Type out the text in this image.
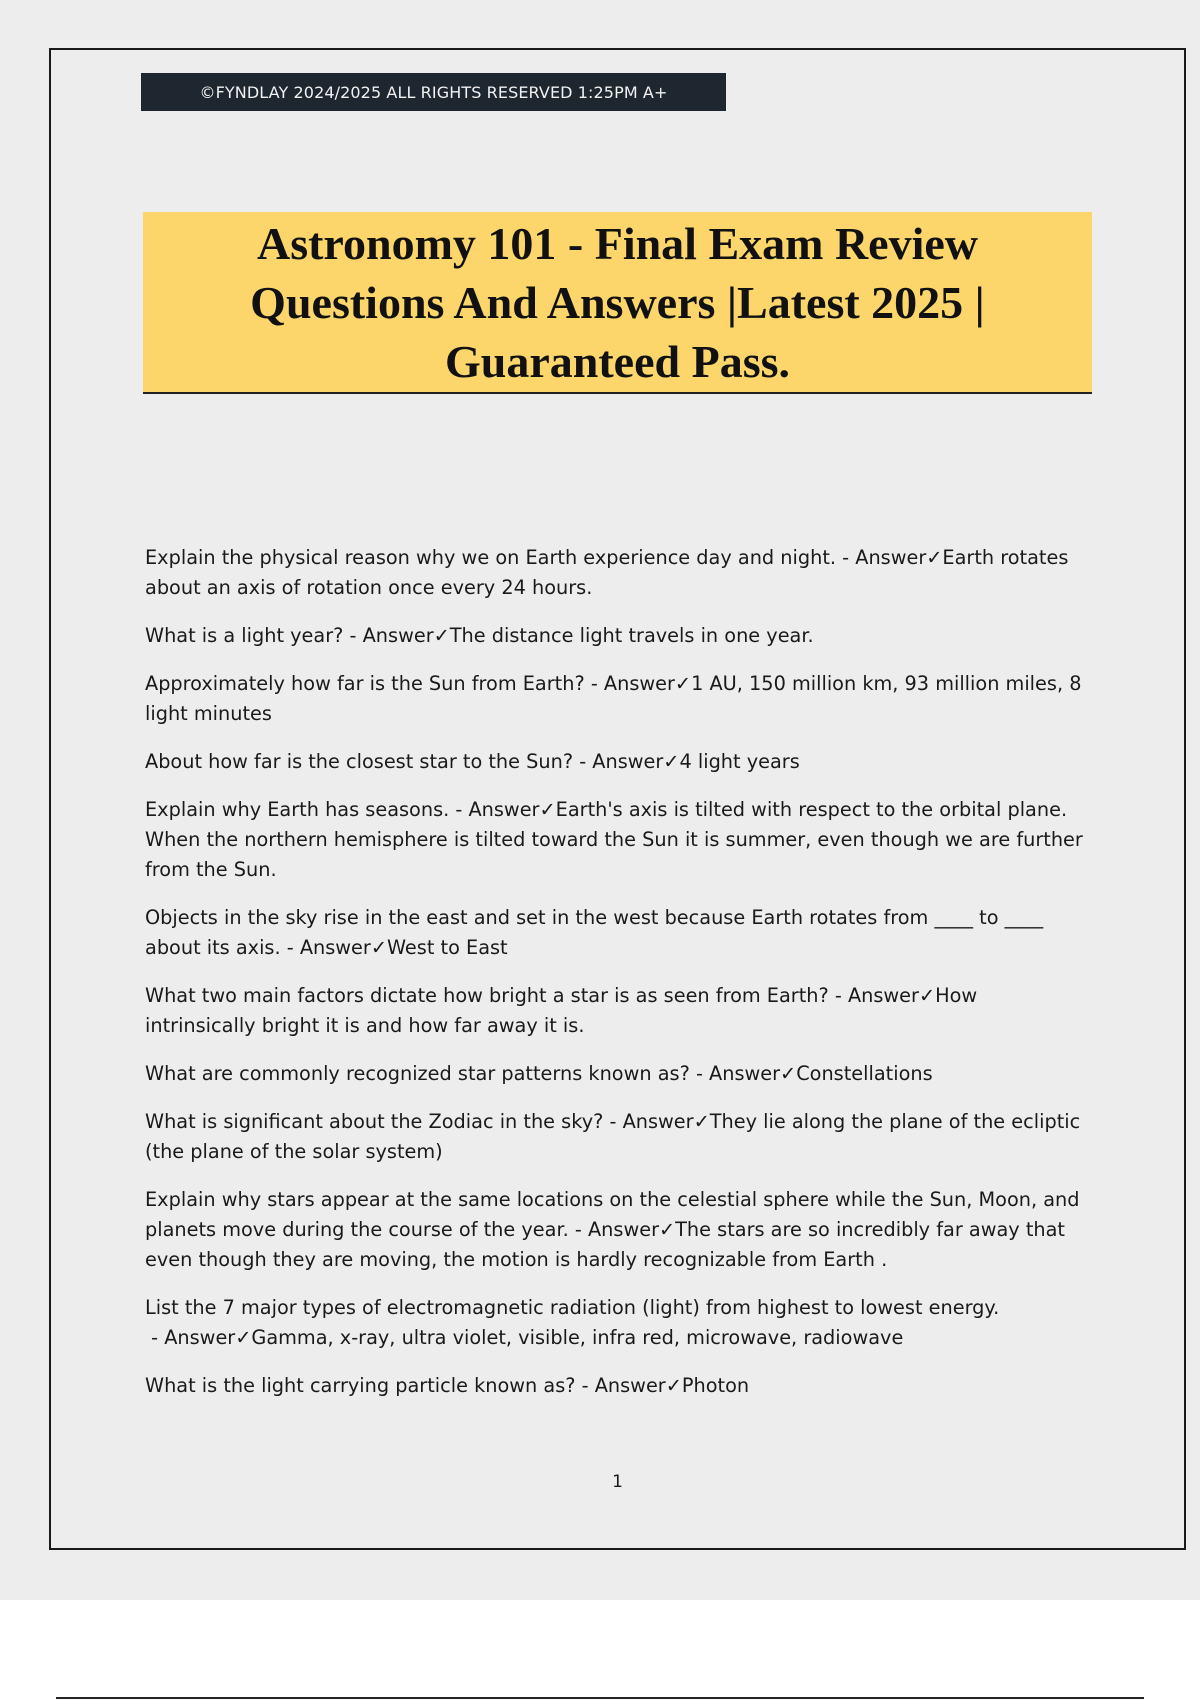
©FYNDLAY 2024/2025 ALL RIGHTS RESERVED 1:25PM A+
Astronomy 101 - Final Exam Review Questions And Answers |Latest 2025 | Guaranteed Pass.

Explain the physical reason why we on Earth experience day and night. - Answer✓Earth rotates about an axis of rotation once every 24 hours.

What is a light year? - Answer✓The distance light travels in one year.

Approximately how far is the Sun from Earth? - Answer✓1 AU, 150 million km, 93 million miles, 8 light minutes

About how far is the closest star to the Sun? - Answer✓4 light years

Explain why Earth has seasons. - Answer✓Earth's axis is tilted with respect to the orbital plane. When the northern hemisphere is tilted toward the Sun it is summer, even though we are further from the Sun.

Objects in the sky rise in the east and set in the west because Earth rotates from ____ to ____ about its axis. - Answer✓West to East

What two main factors dictate how bright a star is as seen from Earth? - Answer✓How intrinsically bright it is and how far away it is.

What are commonly recognized star patterns known as? - Answer✓Constellations

What is significant about the Zodiac in the sky? - Answer✓They lie along the plane of the ecliptic (the plane of the solar system)

Explain why stars appear at the same locations on the celestial sphere while the Sun, Moon, and planets move during the course of the year. - Answer✓The stars are so incredibly far away that even though they are moving, the motion is hardly recognizable from Earth .

List the 7 major types of electromagnetic radiation (light) from highest to lowest energy. - Answer✓Gamma, x-ray, ultra violet, visible, infra red, microwave, radiowave

What is the light carrying particle known as? - Answer✓Photon

1
